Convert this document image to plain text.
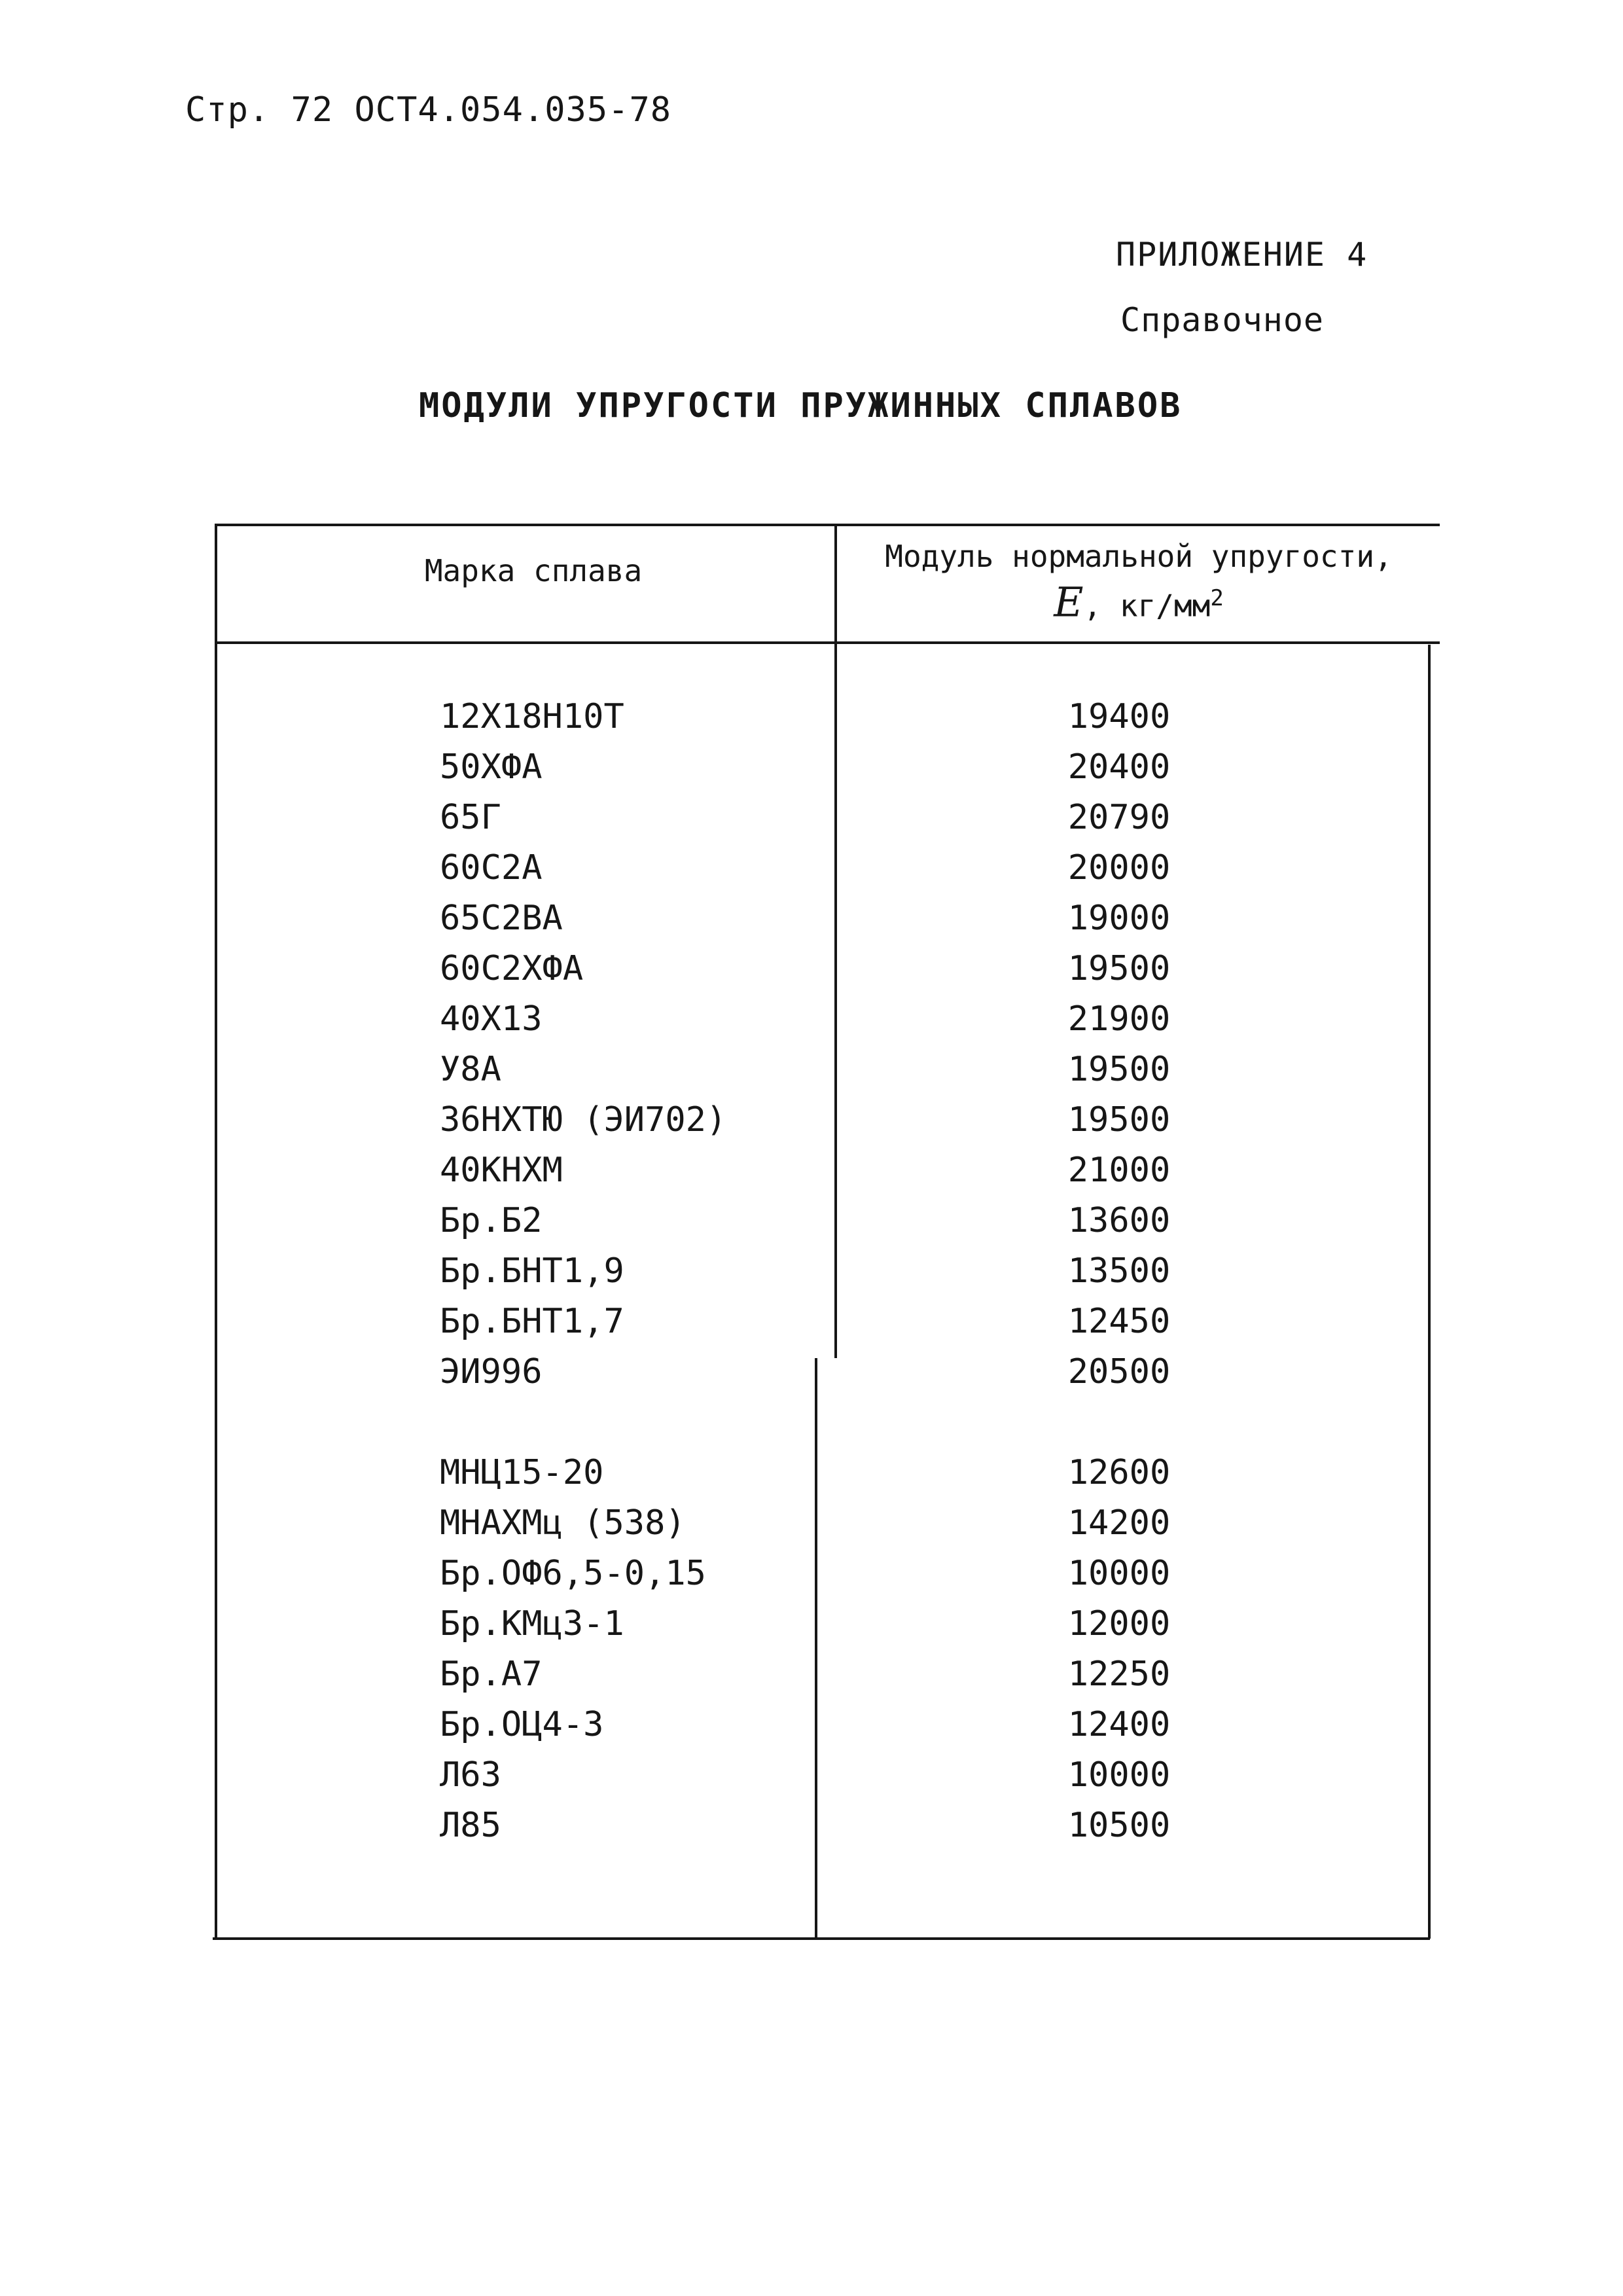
Стр. 72 ОСТ4.054.035-78
ПРИЛОЖЕНИЕ 4
Справочное
МОДУЛИ УПРУГОСТИ ПРУЖИННЫХ СПЛАВОВ
Марка сплава	Модуль нормальной упругости,
E, $кг/мм^2$
12Х18Н10Т	19400
50ХФА	20400
65Г	20790
60С2А	20000
65С2ВА	19000
60С2ХФА	19500
40Х13	21900
У8А	19500
36НХТЮ (ЭИ702)	19500
40КНХМ	21000
Бр.Б2	13600
Бр.БНТ1,9	13500
Бр.БНТ1,7	12450
ЭИ996	20500
МНЦ15-20	12600
МНАХМц (538)	14200
Бр.ОФ6,5-0,15	10000
Бр.КМц3-1	12000
Бр.А7	12250
Бр.ОЦ4-3	12400
Л63	10000
Л85	10500
